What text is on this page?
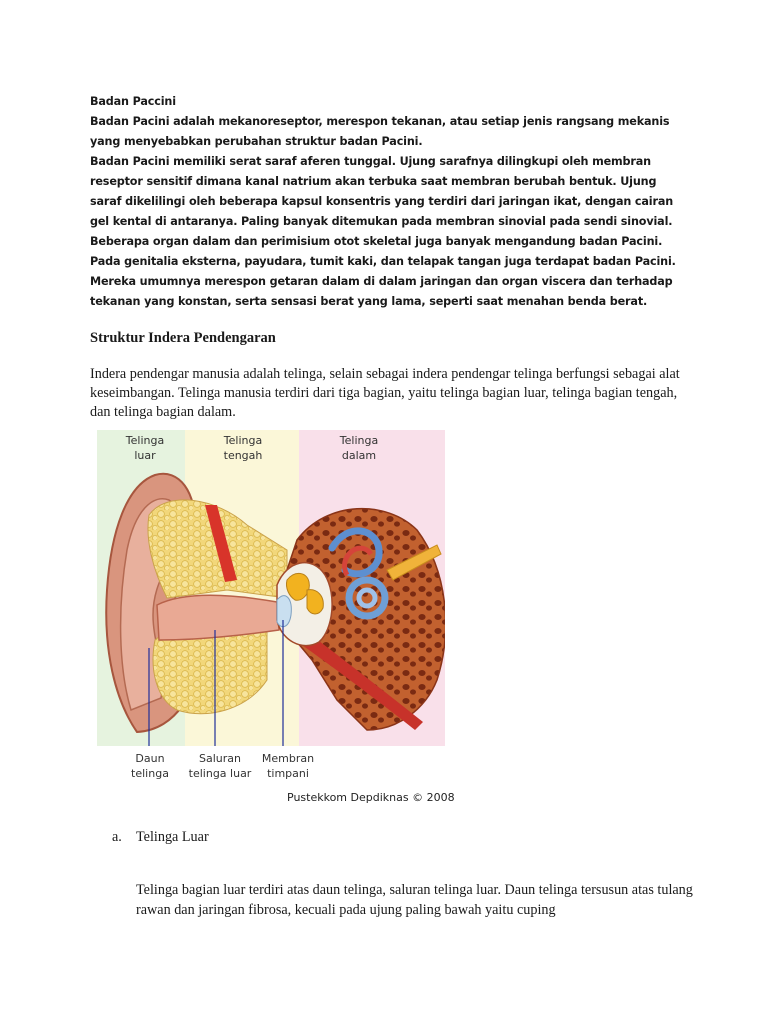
Badan Paccini

Badan Pacini adalah mekanoreseptor, merespon tekanan, atau setiap jenis rangsang mekanis yang menyebabkan perubahan struktur badan Pacini.

Badan Pacini memiliki serat saraf aferen tunggal. Ujung sarafnya dilingkupi oleh membran reseptor sensitif dimana kanal natrium akan terbuka saat membran berubah bentuk. Ujung saraf dikelilingi oleh beberapa kapsul konsentris yang terdiri dari jaringan ikat, dengan cairan gel kental di antaranya. Paling banyak ditemukan pada membran sinovial pada sendi sinovial. Beberapa organ dalam dan perimisium otot skeletal juga banyak mengandung badan Pacini. Pada genitalia eksterna, payudara, tumit kaki, dan telapak tangan juga terdapat badan Pacini. Mereka umumnya merespon getaran dalam di dalam jaringan dan organ viscera dan terhadap tekanan yang konstan, serta sensasi berat yang lama, seperti saat menahan benda berat.

Struktur Indera Pendengaran

Indera pendengar manusia adalah telinga, selain sebagai indera pendengar telinga berfungsi sebagai alat keseimbangan. Telinga manusia terdiri dari tiga bagian, yaitu telinga bagian luar, telinga bagian tengah, dan telinga bagian dalam.

Telinga
luar
Telinga
tengah
Telinga
dalam
Daun
telinga
Saluran
telinga luar
Membran
timpani
Pustekkom Depdiknas © 2008
a. Telinga Luar

Telinga bagian luar terdiri atas daun telinga, saluran telinga luar. Daun telinga tersusun atas tulang rawan dan jaringan fibrosa, kecuali pada ujung paling bawah yaitu cuping
